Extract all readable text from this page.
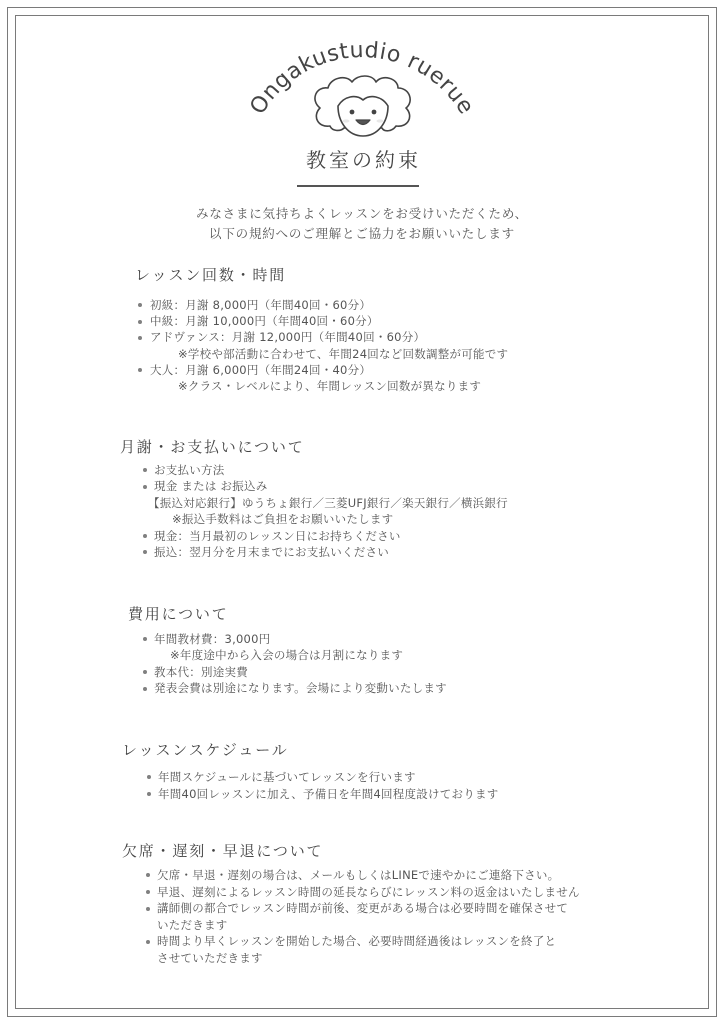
Ongakustudio ruerue
教室の約束
みなさまに気持ちよくレッスンをお受けいただくため、
以下の規約へのご理解とご協力をお願いいたします
レッスン回数・時間
初級：月謝 8,000円（年間40回・60分）
中級：月謝 10,000円（年間40回・60分）
アドヴァンス：月謝 12,000円（年間40回・60分）
※学校や部活動に合わせて、年間24回など回数調整が可能です
大人：月謝 6,000円（年間24回・40分）
※クラス・レベルにより、年間レッスン回数が異なります
月謝・お支払いについて
お支払い方法
現金 または お振込み
【振込対応銀行】ゆうちょ銀行／三菱UFJ銀行／楽天銀行／横浜銀行
※振込手数料はご負担をお願いいたします
現金：当月最初のレッスン日にお持ちください
振込：翌月分を月末までにお支払いください
費用について
年間教材費：3,000円
※年度途中から入会の場合は月割になります
教本代：別途実費
発表会費は別途になります。会場により変動いたします
レッスンスケジュール
年間スケジュールに基づいてレッスンを行います
年間40回レッスンに加え、予備日を年間4回程度設けております
欠席・遅刻・早退について
欠席・早退・遅刻の場合は、メールもしくはLINEで速やかにご連絡下さい。
早退、遅刻によるレッスン時間の延長ならびにレッスン料の返金はいたしません
講師側の都合でレッスン時間が前後、変更がある場合は必要時間を確保させて
いただきます
時間より早くレッスンを開始した場合、必要時間経過後はレッスンを終了と
させていただきます
